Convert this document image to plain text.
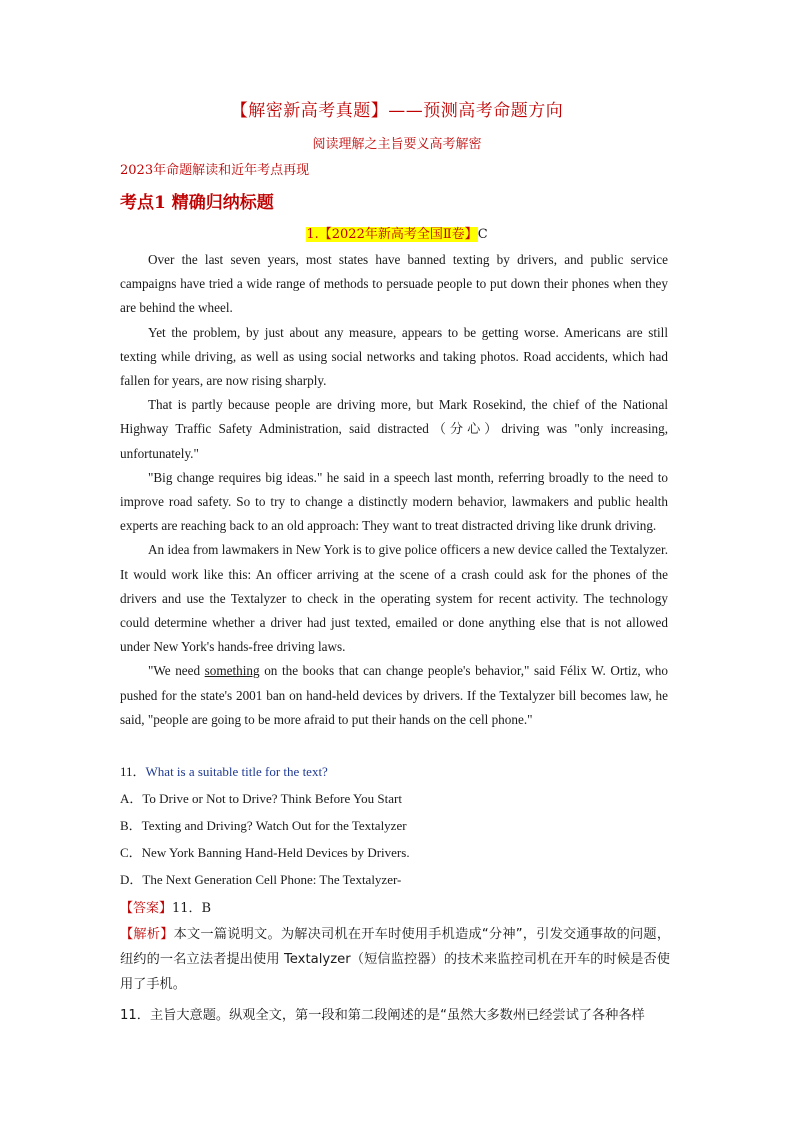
【解密新高考真题】——预测高考命题方向
阅读理解之主旨要义高考解密
2023年命题解读和近年考点再现
考点1 精确归纳标题
1.【2022年新高考全国Ⅱ卷】C

Over the last seven years, most states have banned texting by drivers, and public service campaigns have tried a wide range of methods to persuade people to put down their phones when they are behind the wheel.

Yet the problem, by just about any measure, appears to be getting worse. Americans are still texting while driving, as well as using social networks and taking photos. Road accidents, which had fallen for years, are now rising sharply.

That is partly because people are driving more, but Mark Rosekind, the chief of the National Highway Traffic Safety Administration, said distracted（分心）driving was "only increasing, unfortunately."

"Big change requires big ideas." he said in a speech last month, referring broadly to the need to improve road safety. So to try to change a distinctly modern behavior, lawmakers and public health experts are reaching back to an old approach: They want to treat distracted driving like drunk driving.

An idea from lawmakers in New York is to give police officers a new device called the Textalyzer. It would work like this: An officer arriving at the scene of a crash could ask for the phones of the drivers and use the Textalyzer to check in the operating system for recent activity. The technology could determine whether a driver had just texted, emailed or done anything else that is not allowed under New York's hands-free driving laws.

"We need something on the books that can change people's behavior," said Félix W. Ortiz, who pushed for the state's 2001 ban on hand-held devices by drivers. If the Textalyzer bill becomes law, he said, "people are going to be more afraid to put their hands on the cell phone."

11．What is a suitable title for the text?
A．To Drive or Not to Drive? Think Before You Start
B．Texting and Driving? Watch Out for the Textalyzer
C．New York Banning Hand-Held Devices by Drivers.
D．The Next Generation Cell Phone: The Textalyzer-
【答案】11．B
【解析】本文一篇说明文。为解决司机在开车时使用手机造成“分神”，引发交通事故的问题，纽约的一名立法者提出使用 Textalyzer（短信监控器）的技术来监控司机在开车的时候是否使用了手机。
11．主旨大意题。纵观全文，第一段和第二段阐述的是“虽然大多数州已经尝试了各种各样
